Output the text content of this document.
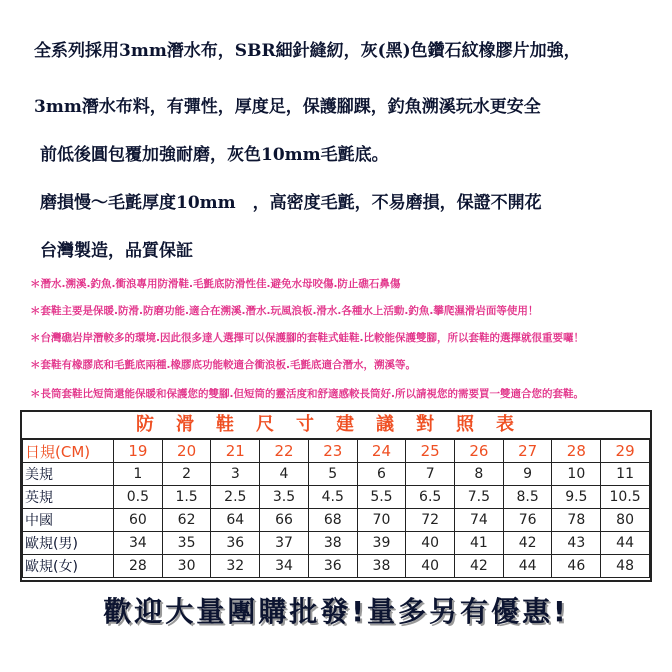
全系列採用3mm潛水布，SBR細針縫紉，灰(黑)色鑽石紋橡膠片加強，
3mm潛水布料，有彈性，厚度足，保護腳踝，釣魚溯溪玩水更安全
前低後圓包覆加強耐磨，灰色10mm毛氈底。
磨損慢～毛氈厚度10mm　，高密度毛氈，不易磨損，保證不開花
台灣製造，品質保証
＊潛水.溯溪.釣魚.衝浪專用防滑鞋.毛氈底防滑性佳.避免水母咬傷.防止礁石鼻傷
＊套鞋主要是保暖.防滑.防磨功能.適合在溯溪.潛水.玩風浪板.滑水.各種水上活動.釣魚.攀爬濕滑岩面等使用！
＊台灣礁岩岸潛較多的環境.因此很多達人選擇可以保護腳的套鞋式蛙鞋.比較能保護雙腳，所以套鞋的選擇就很重要囉！
＊套鞋有橡膠底和毛氈底兩種.橡膠底功能較適合衝浪板.毛氈底適合潛水，溯溪等。
＊長筒套鞋比短筒還能保暖和保護您的雙腳.但短筒的靈活度和舒適感較長筒好.所以請視您的需要買一雙適合您的套鞋。
防滑鞋尺寸建議對照表
日規(CM)	19	20	21	22	23	24	25	26	27	28	29
美規	1	2	3	4	5	6	7	8	9	10	11
英規	0.5	1.5	2.5	3.5	4.5	5.5	6.5	7.5	8.5	9.5	10.5
中國	60	62	64	66	68	70	72	74	76	78	80
歐規(男)	34	35	36	37	38	39	40	41	42	43	44
歐規(女)	28	30	32	34	36	38	40	42	44	46	48
歡迎大量團購批發!量多另有優惠!
